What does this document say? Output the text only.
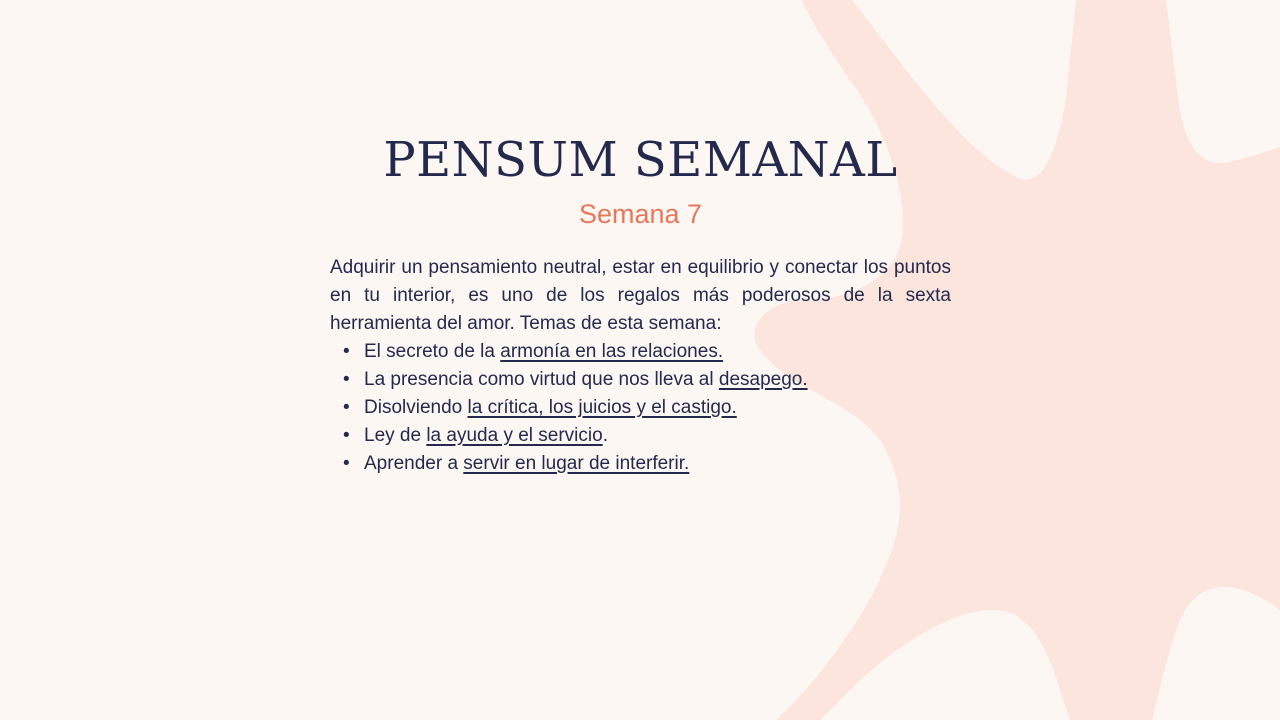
PENSUM SEMANAL
Semana 7

Adquirir un pensamiento neutral, estar en equilibrio y conectar los puntos en tu interior, es uno de los regalos más poderosos de la sexta herramienta del amor. Temas de esta semana:

• El secreto de la armonía en las relaciones.
• La presencia como virtud que nos lleva al desapego.
• Disolviendo la crítica, los juicios y el castigo.
• Ley de la ayuda y el servicio.
• Aprender a servir en lugar de interferir.
